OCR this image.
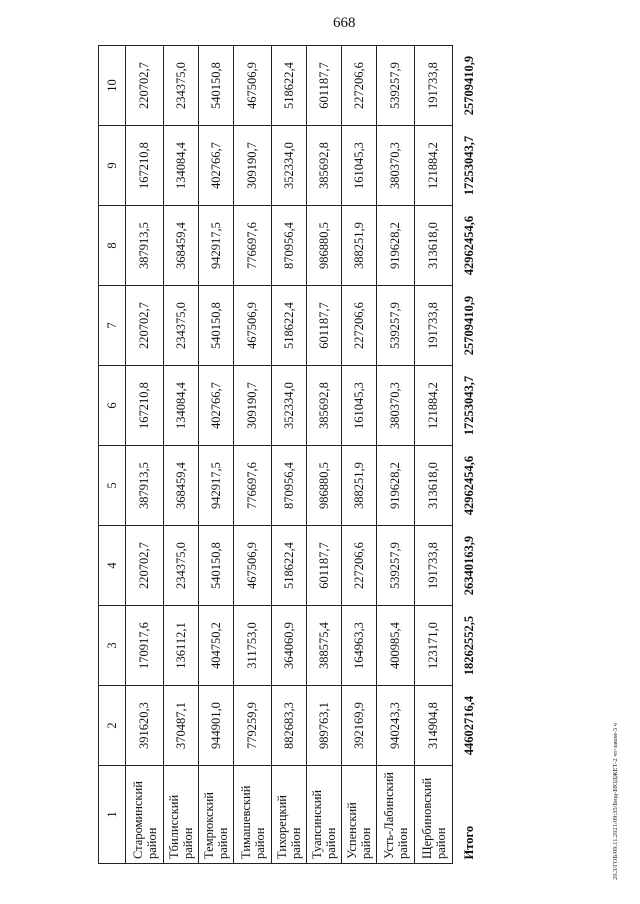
668
20.3/ГОБ/09.11.2021/09:35/Бюд-БЮДЖЕТ-2 чт-закон-3 ч
1	2	3	4	5	6	7	8	9	10
Староминский район	391620,3	170917,6	220702,7	387913,5	167210,8	220702,7	387913,5	167210,8	220702,7
Тбилисский район	370487,1	136112,1	234375,0	368459,4	134084,4	234375,0	368459,4	134084,4	234375,0
Темрюкский район	944901,0	404750,2	540150,8	942917,5	402766,7	540150,8	942917,5	402766,7	540150,8
Тимашевский район	779259,9	311753,0	467506,9	776697,6	309190,7	467506,9	776697,6	309190,7	467506,9
Тихорецкий район	882683,3	364060,9	518622,4	870956,4	352334,0	518622,4	870956,4	352334,0	518622,4
Туапсинский район	989763,1	388575,4	601187,7	986880,5	385692,8	601187,7	986880,5	385692,8	601187,7
Успенский район	392169,9	164963,3	227206,6	388251,9	161045,3	227206,6	388251,9	161045,3	227206,6
Усть-Лабинский район	940243,3	400985,4	539257,9	919628,2	380370,3	539257,9	919628,2	380370,3	539257,9
Щербиновский район	314904,8	123171,0	191733,8	313618,0	121884,2	191733,8	313618,0	121884,2	191733,8
Итого	44602716,4	18262552,5	26340163,9	42962454,6	17253043,7	25709410,9	42962454,6	17253043,7	25709410,9
